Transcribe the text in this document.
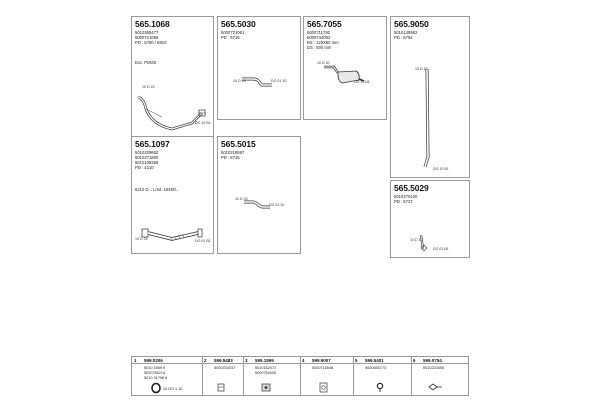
565.1068
5010365477
5000721058
PD : 6780 / 6810
Exc. PDMS
10 D 24
DO 10 B1
565.5030
5000721081
PD : 6716
10 D 30	DO 01 30
565.7055
5000711792
5000744082
BS : 125X60 mm
DS : 500 mm
10 D 30
DO 10 B1
565.9050
5010149982
PD : 6784
10 D 10
DO 10 B1
565.1097
5010229682
5010271800
5010108288
PD : 4210
6210 D... Lmd. 1646D...
10 D 24	DO 01 B1
565.5015
5010218597
PD : 6715
10 D 30
DO 01 30
565.5029
5010270100
PD : 6727
10 D 10
DO 01 B1
1 599.0206
5010 4589 9
5000786214
5010 31798 8
10 DO 1 10
2 599.5483
5000754037
3 599.1599
5010152072
5000754000
4 599.9007
5000715548
5 599.5401
5000655773
6 599.0754
5010223455
